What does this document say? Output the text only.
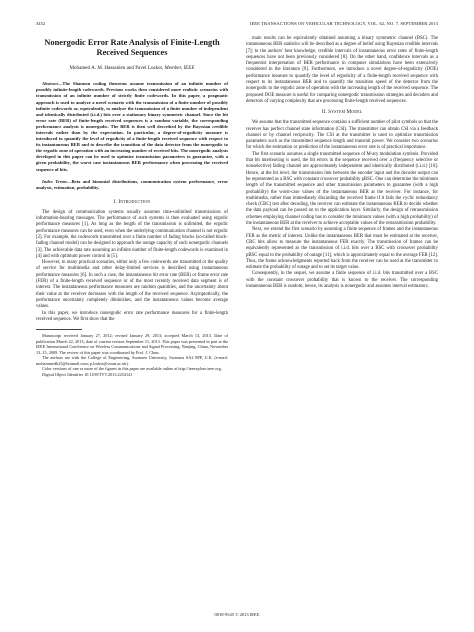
3452	IEEE TRANSACTIONS ON VEHICULAR TECHNOLOGY, VOL. 62, NO. 7, SEPTEMBER 2013
Nonergodic Error Rate Analysis of Finite-Length Received Sequences
Mohamed A. M. Hassanien and Pavel Loskot, Member, IEEE

Abstract—The Shannon coding theorems assume transmission of an infinite number of possibly infinite-length codewords. Previous works then considered more realistic scenarios with transmission of an infinite number of strictly finite codewords. In this paper, a pragmatic approach is used to analyze a novel scenario with the transmission of a finite number of possibly infinite codewords or, equivalently, to analyze the transmission of a finite number of independent and identically distributed (i.i.d.) bits over a stationary binary symmetric channel. Since the bit error rate (BER) of finite-length received sequences is a random variable, the corresponding performance analysis is nonergodic. The BER is then well described by the Bayesian credible intervals rather than by the expectation. In particular, a degree-of-ergodicity measure is introduced to quantify the level of ergodicity of a finite-length received sequence with respect to its instantaneous BER and to describe the transition of the data detector from the nonergodic to the ergodic zone of operation with an increasing number of received bits. The nonergodic analysis developed in this paper can be used to optimize transmission parameters to guarantee, with a given probability, the worst case instantaneous BER performance when processing the received sequence of bits.

Index Terms—Beta and binomial distributions, communication system performance, error analysis, estimation, probability.

I. Introduction

The design of communication systems usually assumes time-unlimited transmissions of information-bearing messages. The performance of such systems is then evaluated using ergodic performance measures [1]. As long as the length of the transmission is unlimited, the ergodic performance measures can be used, even when the underlying communication channel is not ergodic [2]. For example, the codewords transmitted over a finite number of fading blocks (so-called block-fading channel model) can be designed to approach the outage capacity of such nonergodic channels [3]. The achievable data rate assuming an infinite number of finite-length codewords is examined in [4] and with optimum power control in [5].

However, in many practical scenarios, either only a few codewords are transmitted or the quality of service for multimedia and other delay-limited services is described using instantaneous performance measures [6]. In such a case, the instantaneous bit error rate (BER) or frame error rate (FER) of a finite-length received sequence or of the most recently received data segment is of interest. The instantaneous performance measures are random quantities, and the uncertainty about their value at the receiver decreases with the length of the received sequence. Asymptotically, the performance uncertainty completely diminishes, and the instantaneous values become average values.

In this paper, we introduce nonergodic error rate performance measures for a finite-length received sequence. We first show that the

Manuscript received January 27, 2012; revised January 29, 2013; accepted March 13, 2013. Date of publication March 22, 2013; date of current version September 11, 2013. This paper was presented in part at the IEEE International Conference on Wireless Communications and Signal Processing, Nanjing, China, November 13–15, 2009. The review of this paper was coordinated by Prof. J. Chun.

The authors are with the College of Engineering, Swansea University, Swansea SA2 8PP, U.K. (e-mail: mohammedh25@hotmail.com; p.loskot@swan.ac.uk).

Color versions of one or more of the figures in this paper are available online at http://ieeexplore.ieee.org.

Digital Object Identifier 10.1109/TVT.2013.2254141

main results can be equivalently obtained assuming a binary symmetric channel (BSC). The instantaneous BER statistics will be described as a degree of belief using Bayesian credible intervals [7]; to the authors' best knowledge, credible intervals of instantaneous error rates of finite-length sequences have not been previously considered [8]. On the other hand, confidence intervals as a frequentist interpretation of BER performance in computer simulations have been extensively considered in the literature [9]. Furthermore, we introduce a novel degree-of-ergodicity (DOE) performance measure to quantify the level of ergodicity of a finite-length received sequence with respect to its instantaneous BER and to quantify the transition speed of the detector from the nonergodic to the ergodic zone of operation with the increasing length of the received sequence. The proposed DOE measure is useful for comparing nonergodic transmission strategies and decoders and detectors of varying complexity that are processing finite-length received sequences.

II. System Model

We assume that the transmitted sequence contains a sufficient number of pilot symbols so that the receiver has perfect channel state information (CSI). The transmitter can obtain CSI via a feedback channel or by channel reciprocity. The CSI at the transmitter is used to optimize transmission parameters such as the transmitted sequence length and transmit power. We consider two scenarios for which the estimation or prediction of the instantaneous error rate is of practical importance.

The first scenario assumes a single transmitted sequence of M-ary modulation symbols. Provided that bit interleaving is used, the bit errors in the sequence received over a (frequency selective or nonselective) fading channel are approximately independent and identically distributed (i.i.d.) [10]. Hence, at the bit level, the transmission link between the encoder input and the decoder output can be represented as a BSC with constant crossover probability pBSC. One can determine the minimum length of the transmitted sequence and other transmission parameters to guarantee (with a high probability) the worst-case values of the instantaneous BER at the receiver. For instance, for multimedia, rather than immediately discarding the received frame if it fails the cyclic redundancy check (CRC) test after decoding, the receiver can estimate the instantaneous BER to decide whether the data payload can be passed on to the application layer. Similarly, the design of retransmission schemes employing channel coding has to consider the minimum values (with a high probability) of the instantaneous BER at the receiver to achieve acceptable values of the retransmission probability.

Next, we extend the first scenario by assuming a finite sequence of frames and the instantaneous FER as the metric of interest. Unlike the instantaneous BER that must be estimated at the receiver, CRC bits allow to measure the instantaneous FER exactly. The transmission of frames can be equivalently represented as the transmission of i.i.d. bits over a BSC with crossover probability pBSC equal to the probability of outage [11], which is approximately equal to the average FER [12]. Thus, the frame acknowledgments reported back from the receiver can be used at the transmitter to estimate the probability of outage and to set its target value.

Consequently, in the sequel, we assume a finite sequence of i.i.d. bits transmitted over a BSC with the constant crossover probability that is known to the receiver. The corresponding instantaneous BER is random; hence, its analysis is nonergodic and assumes interval estimators.

0018-9545 © 2013 IEEE
